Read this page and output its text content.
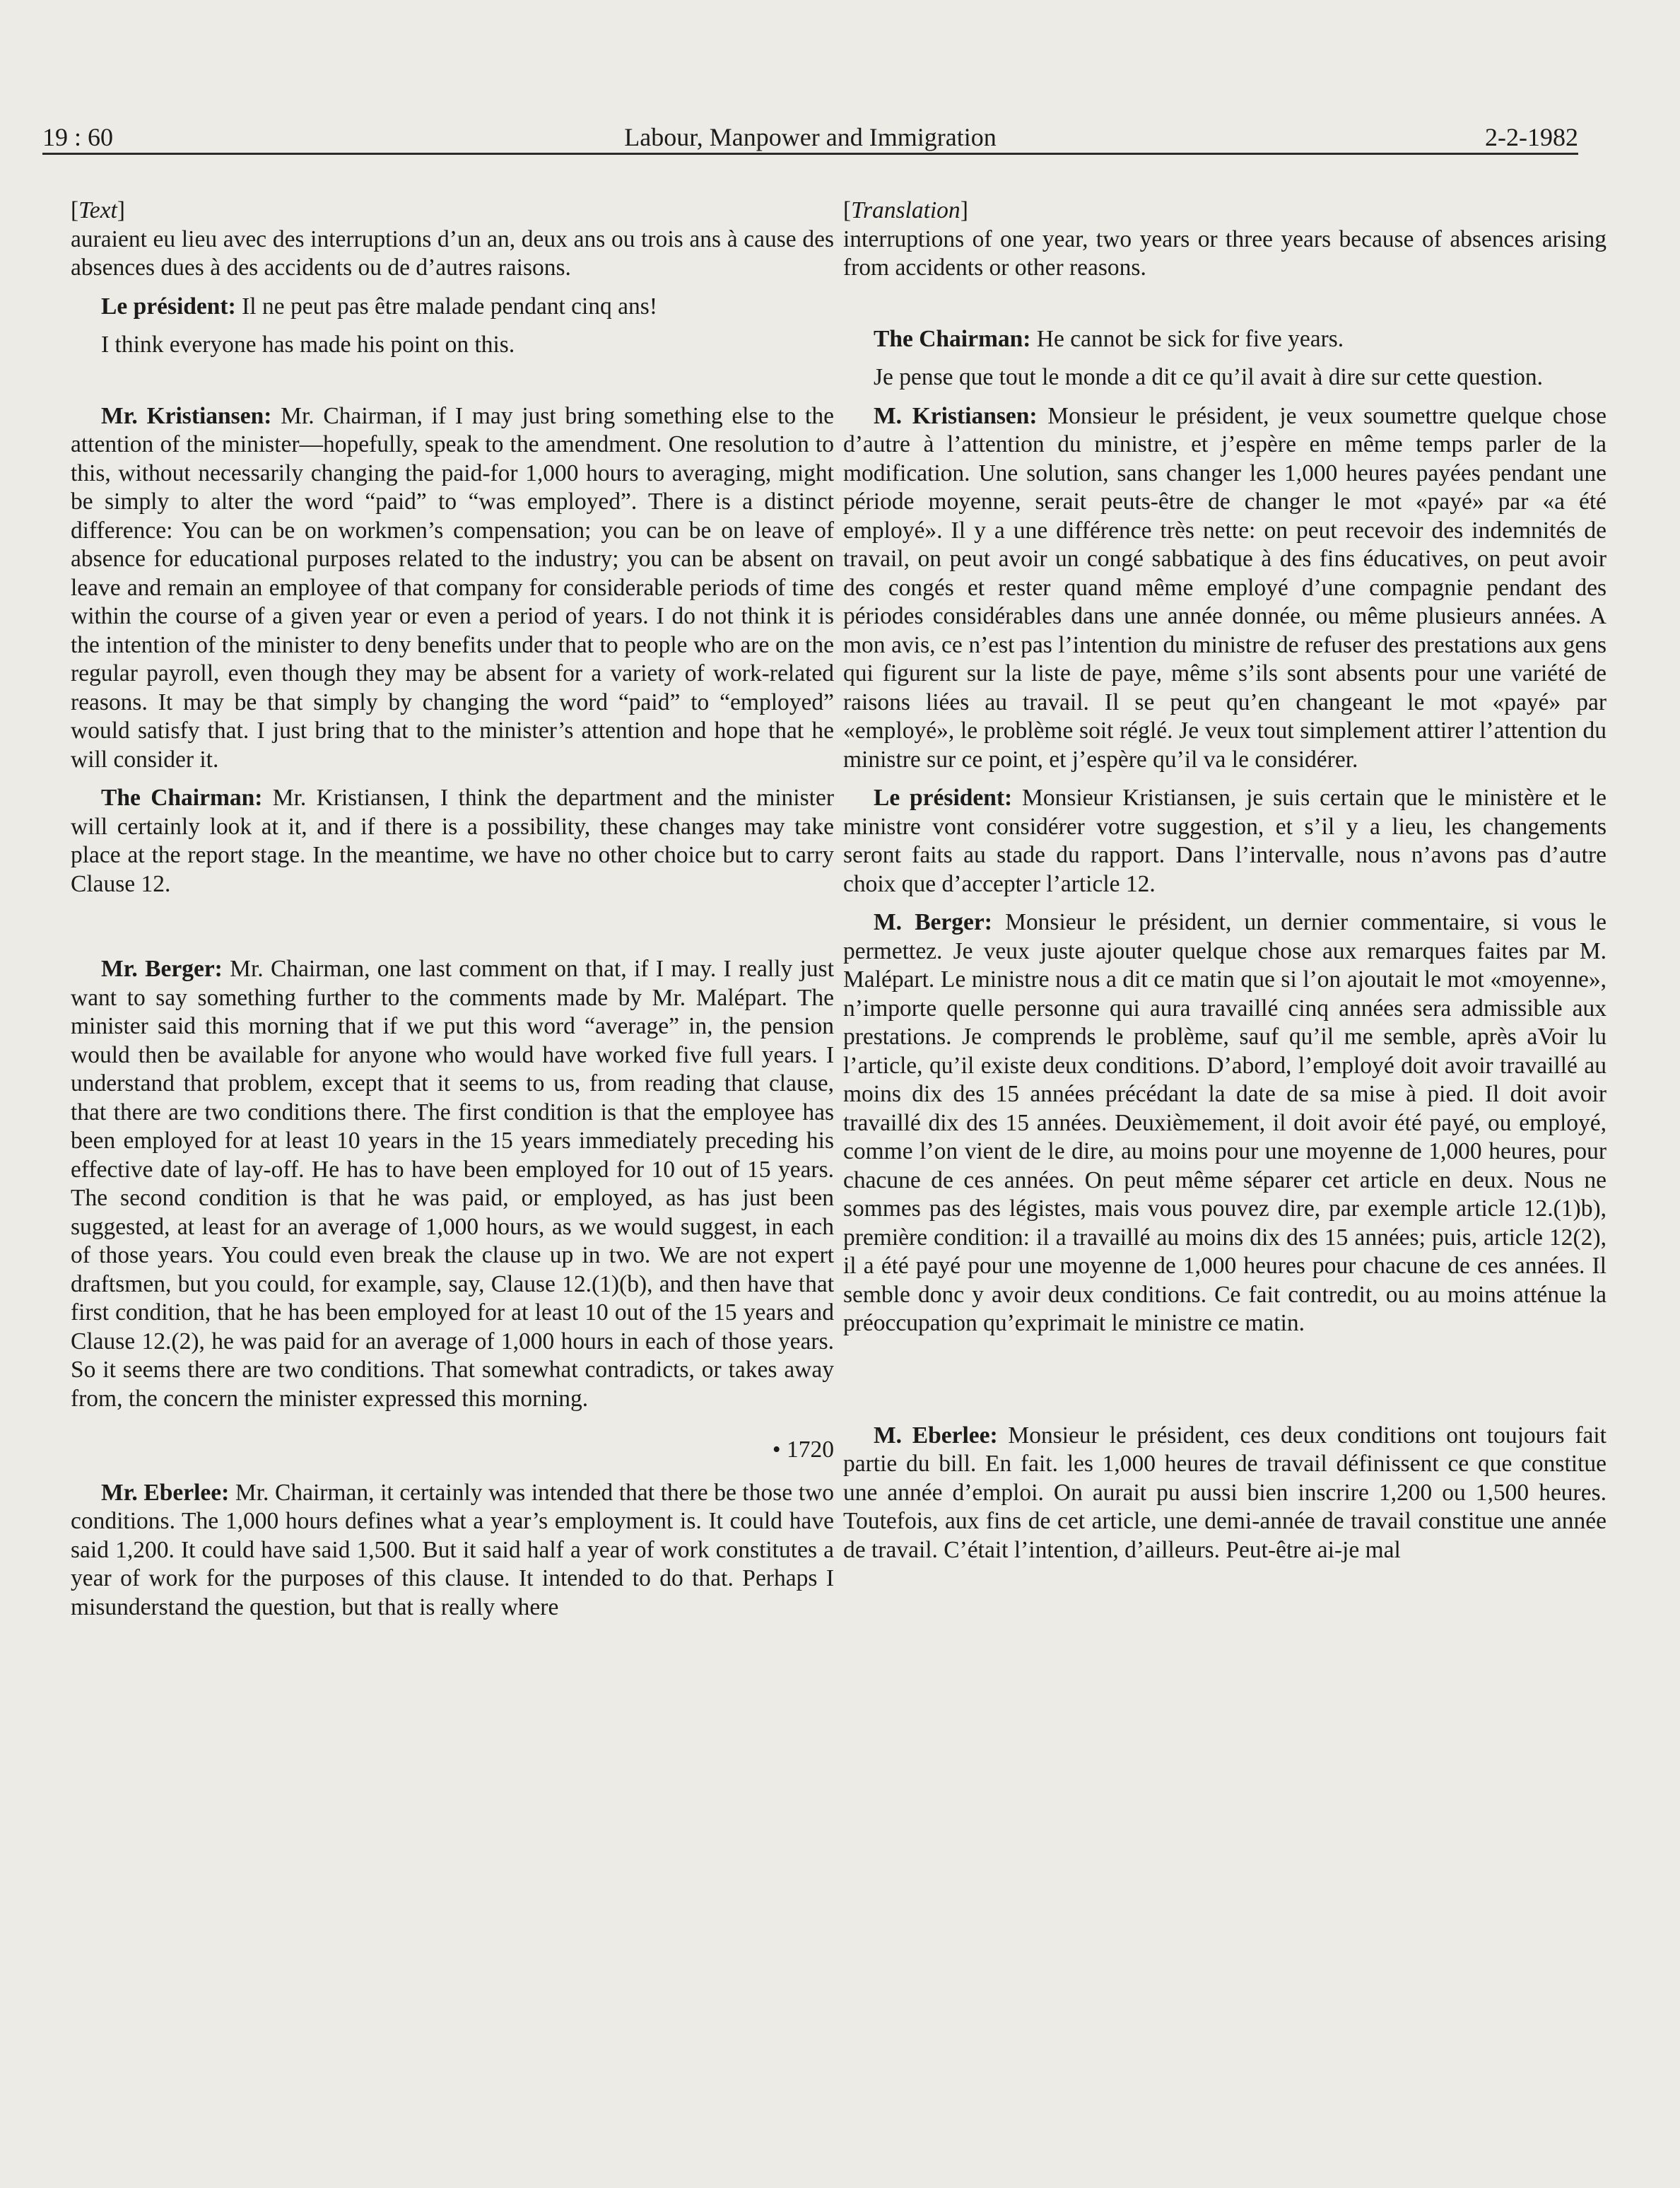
19 : 60	Labour, Manpower and Immigration	2-2-1982

[Text]

auraient eu lieu avec des interruptions d’un an, deux ans ou trois ans à cause des absences dues à des accidents ou de d’autres raisons.

Le président: Il ne peut pas être malade pendant cinq ans!

I think everyone has made his point on this.

Mr. Kristiansen: Mr. Chairman, if I may just bring something else to the attention of the minister—hopefully, speak to the amendment. One resolution to this, without necessarily changing the paid-for 1,000 hours to averaging, might be simply to alter the word “paid” to “was employed”. There is a distinct difference: You can be on workmen’s compensation; you can be on leave of absence for educational purposes related to the industry; you can be absent on leave and remain an employee of that company for considerable periods of time within the course of a given year or even a period of years. I do not think it is the intention of the minister to deny benefits under that to people who are on the regular payroll, even though they may be absent for a variety of work-related reasons. It may be that simply by changing the word “paid” to “employed” would satisfy that. I just bring that to the minister’s attention and hope that he will consider it.

The Chairman: Mr. Kristiansen, I think the department and the minister will certainly look at it, and if there is a possibility, these changes may take place at the report stage. In the meantime, we have no other choice but to carry Clause 12.

Mr. Berger: Mr. Chairman, one last comment on that, if I may. I really just want to say something further to the comments made by Mr. Malépart. The minister said this morning that if we put this word “average” in, the pension would then be available for anyone who would have worked five full years. I understand that problem, except that it seems to us, from reading that clause, that there are two conditions there. The first condition is that the employee has been employed for at least 10 years in the 15 years immediately preceding his effective date of lay-off. He has to have been employed for 10 out of 15 years. The second condition is that he was paid, or employed, as has just been suggested, at least for an average of 1,000 hours, as we would suggest, in each of those years. You could even break the clause up in two. We are not expert draftsmen, but you could, for example, say, Clause 12.(1)(b), and then have that first condition, that he has been employed for at least 10 out of the 15 years and Clause 12.(2), he was paid for an average of 1,000 hours in each of those years. So it seems there are two conditions. That somewhat contradicts, or takes away from, the concern the minister expressed this morning.

• 1720

Mr. Eberlee: Mr. Chairman, it certainly was intended that there be those two conditions. The 1,000 hours defines what a year’s employment is. It could have said 1,200. It could have said 1,500. But it said half a year of work constitutes a year of work for the purposes of this clause. It intended to do that. Perhaps I misunderstand the question, but that is really where

[Translation]

interruptions of one year, two years or three years because of absences arising from accidents or other reasons.

The Chairman: He cannot be sick for five years.

Je pense que tout le monde a dit ce qu’il avait à dire sur cette question.

M. Kristiansen: Monsieur le président, je veux soumettre quelque chose d’autre à l’attention du ministre, et j’espère en même temps parler de la modification. Une solution, sans changer les 1,000 heures payées pendant une période moyenne, serait peuts-être de changer le mot «payé» par «a été employé». Il y a une différence très nette: on peut recevoir des indemnités de travail, on peut avoir un congé sabbatique à des fins éducatives, on peut avoir des congés et rester quand même employé d’une compagnie pendant des périodes considérables dans une année donnée, ou même plusieurs années. A mon avis, ce n’est pas l’intention du ministre de refuser des prestations aux gens qui figurent sur la liste de paye, même s’ils sont absents pour une variété de raisons liées au travail. Il se peut qu’en changeant le mot «payé» par «employé», le problème soit réglé. Je veux tout simplement attirer l’attention du ministre sur ce point, et j’espère qu’il va le considérer.

Le président: Monsieur Kristiansen, je suis certain que le ministère et le ministre vont considérer votre suggestion, et s’il y a lieu, les changements seront faits au stade du rapport. Dans l’intervalle, nous n’avons pas d’autre choix que d’accepter l’article 12.

M. Berger: Monsieur le président, un dernier commentaire, si vous le permettez. Je veux juste ajouter quelque chose aux remarques faites par M. Malépart. Le ministre nous a dit ce matin que si l’on ajoutait le mot «moyenne», n’importe quelle personne qui aura travaillé cinq années sera admissible aux prestations. Je comprends le problème, sauf qu’il me semble, après aVoir lu l’article, qu’il existe deux conditions. D’abord, l’employé doit avoir travaillé au moins dix des 15 années précédant la date de sa mise à pied. Il doit avoir travaillé dix des 15 années. Deuxièmement, il doit avoir été payé, ou employé, comme l’on vient de le dire, au moins pour une moyenne de 1,000 heures, pour chacune de ces années. On peut même séparer cet article en deux. Nous ne sommes pas des légistes, mais vous pouvez dire, par exemple article 12.(1)b), première condition: il a travaillé au moins dix des 15 années; puis, article 12(2), il a été payé pour une moyenne de 1,000 heures pour chacune de ces années. Il semble donc y avoir deux conditions. Ce fait contredit, ou au moins atténue la préoccupation qu’exprimait le ministre ce matin.

M. Eberlee: Monsieur le président, ces deux conditions ont toujours fait partie du bill. En fait. les 1,000 heures de travail définissent ce que constitue une année d’emploi. On aurait pu aussi bien inscrire 1,200 ou 1,500 heures. Toutefois, aux fins de cet article, une demi-année de travail constitue une année de travail. C’était l’intention, d’ailleurs. Peut-être ai-je mal
